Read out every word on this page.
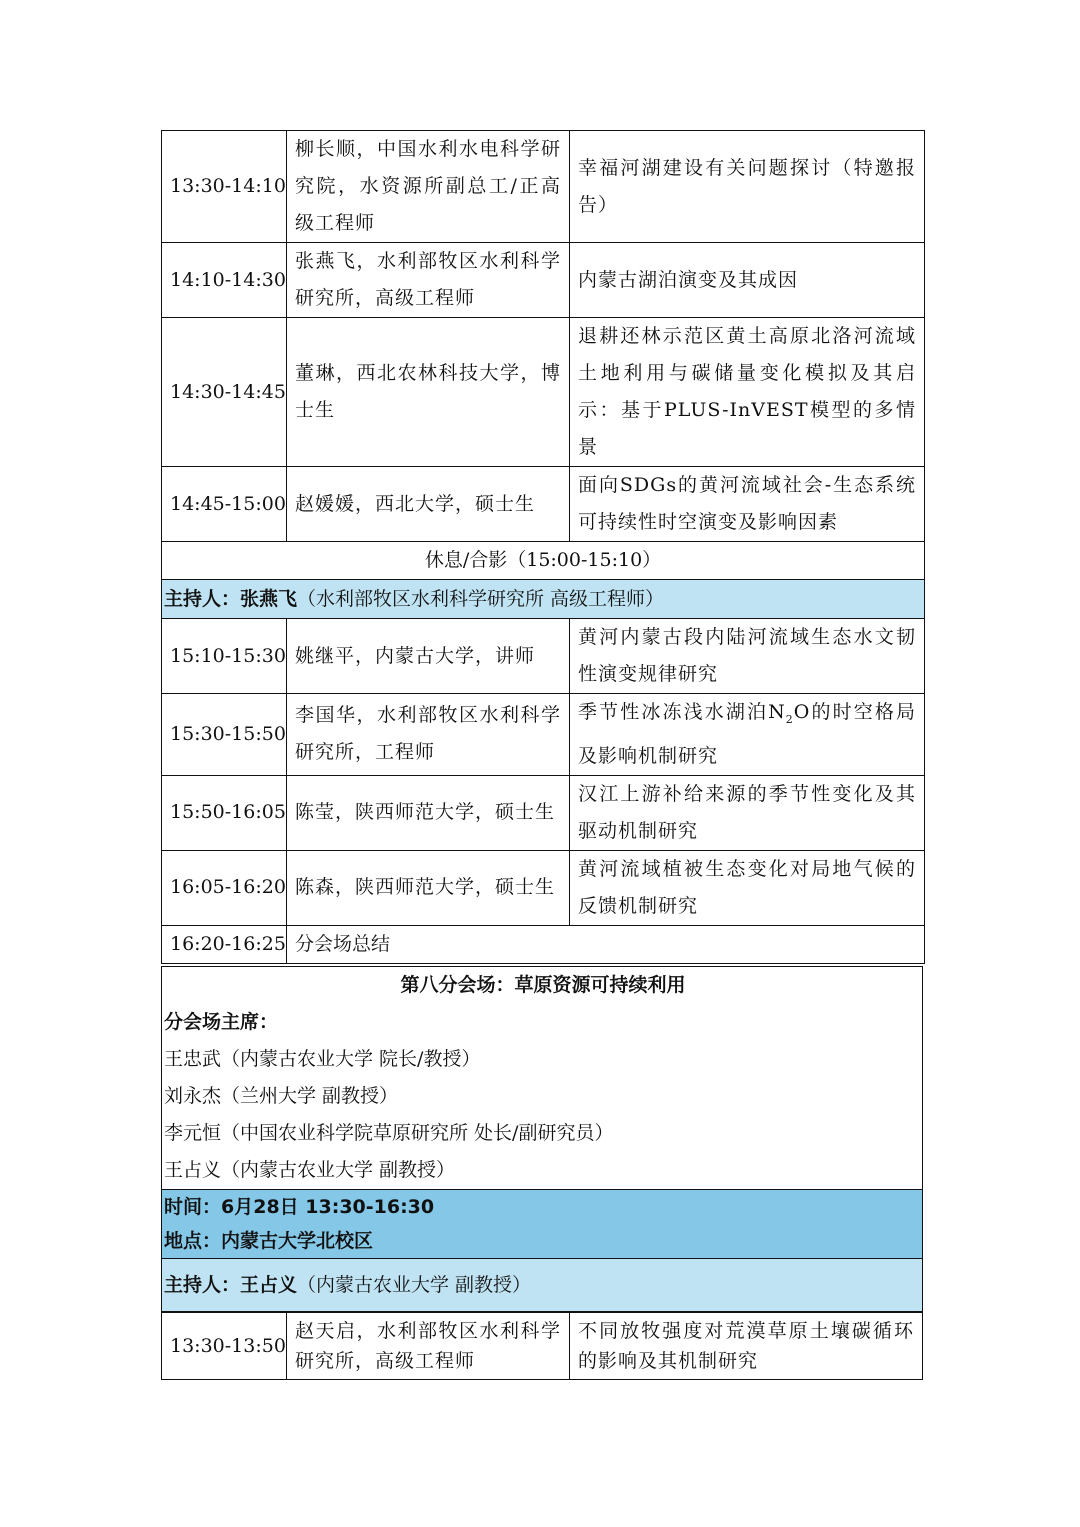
13:30-14:10	柳长顺，中国水利水电科学研究院，水资源所副总工/正高级工程师	幸福河湖建设有关问题探讨（特邀报告）
14:10-14:30	张燕飞，水利部牧区水利科学研究所，高级工程师	内蒙古湖泊演变及其成因
14:30-14:45	董琳，西北农林科技大学，博士生	退耕还林示范区黄土高原北洛河流域土地利用与碳储量变化模拟及其启示：基于PLUS-InVEST模型的多情景
14:45-15:00	赵媛媛，西北大学，硕士生	面向SDGs的黄河流域社会-生态系统可持续性时空演变及影响因素
休息/合影（15:00-15:10）		
主持人：张燕飞（水利部牧区水利科学研究所 高级工程师）		
15:10-15:30	姚继平，内蒙古大学，讲师	黄河内蒙古段内陆河流域生态水文韧性演变规律研究
15:30-15:50	李国华，水利部牧区水利科学研究所，工程师	季节性冰冻浅水湖泊$N_2O$的时空格局及影响机制研究
15:50-16:05	陈莹，陕西师范大学，硕士生	汉江上游补给来源的季节性变化及其驱动机制研究
16:05-16:20	陈森，陕西师范大学，硕士生	黄河流域植被生态变化对局地气候的反馈机制研究
16:20-16:25	分会场总结	
第八分会场：草原资源可持续利用
分会场主席：
王忠武（内蒙古农业大学 院长/教授）
刘永杰（兰州大学 副教授）
李元恒（中国农业科学院草原研究所 处长/副研究员）
王占义（内蒙古农业大学 副教授）
时间：6月28日 13:30-16:30
地点：内蒙古大学北校区
主持人：王占义（内蒙古农业大学 副教授）
13:30-13:50	赵天启，水利部牧区水利科学研究所，高级工程师	不同放牧强度对荒漠草原土壤碳循环的影响及其机制研究
